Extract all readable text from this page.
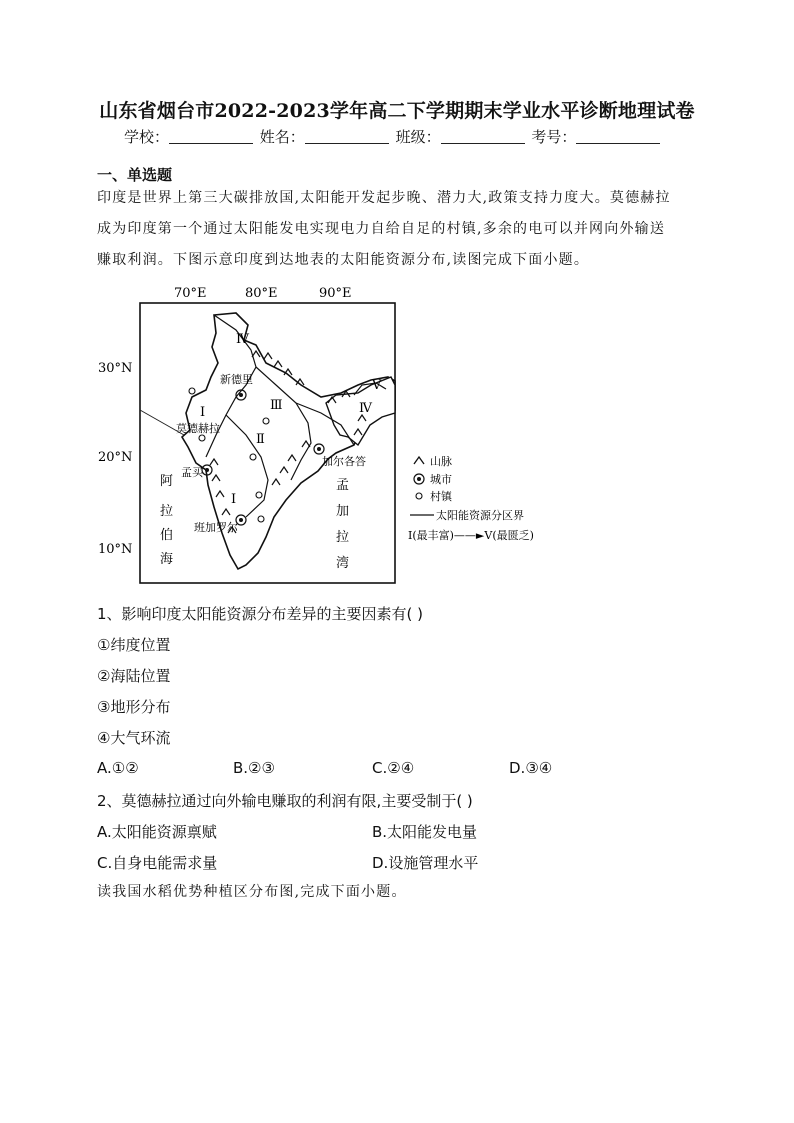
山东省烟台市2022-2023学年高二下学期期末学业水平诊断地理试卷
学校：	姓名：	班级：	考号：
一、单选题
印度是世界上第三大碳排放国,太阳能开发起步晚、潜力大,政策支持力度大。莫德赫拉
成为印度第一个通过太阳能发电实现电力自给自足的村镇,多余的电可以并网向外输送
赚取利润。下图示意印度到达地表的太阳能资源分布,读图完成下面小题。
70°E	80°E	90°E
30°N
20°N
10°N
新德里
加尔各答
孟买
班加罗尔
莫德赫拉
Ⅰ
Ⅱ
Ⅲ
Ⅳ
Ⅴ
Ⅰ
Ⅳ
阿
拉
伯
海
孟
加
拉
湾
山脉
城市
村镇
太阳能资源分区界
Ⅰ(最丰富)——►Ⅴ(最匮乏)
1、影响印度太阳能资源分布差异的主要因素有( )
①纬度位置
②海陆位置
③地形分布
④大气环流
A.①②	B.②③	C.②④	D.③④
2、莫德赫拉通过向外输电赚取的利润有限,主要受制于( )
A.太阳能资源禀赋	B.太阳能发电量
C.自身电能需求量	D.设施管理水平
读我国水稻优势种植区分布图,完成下面小题。
